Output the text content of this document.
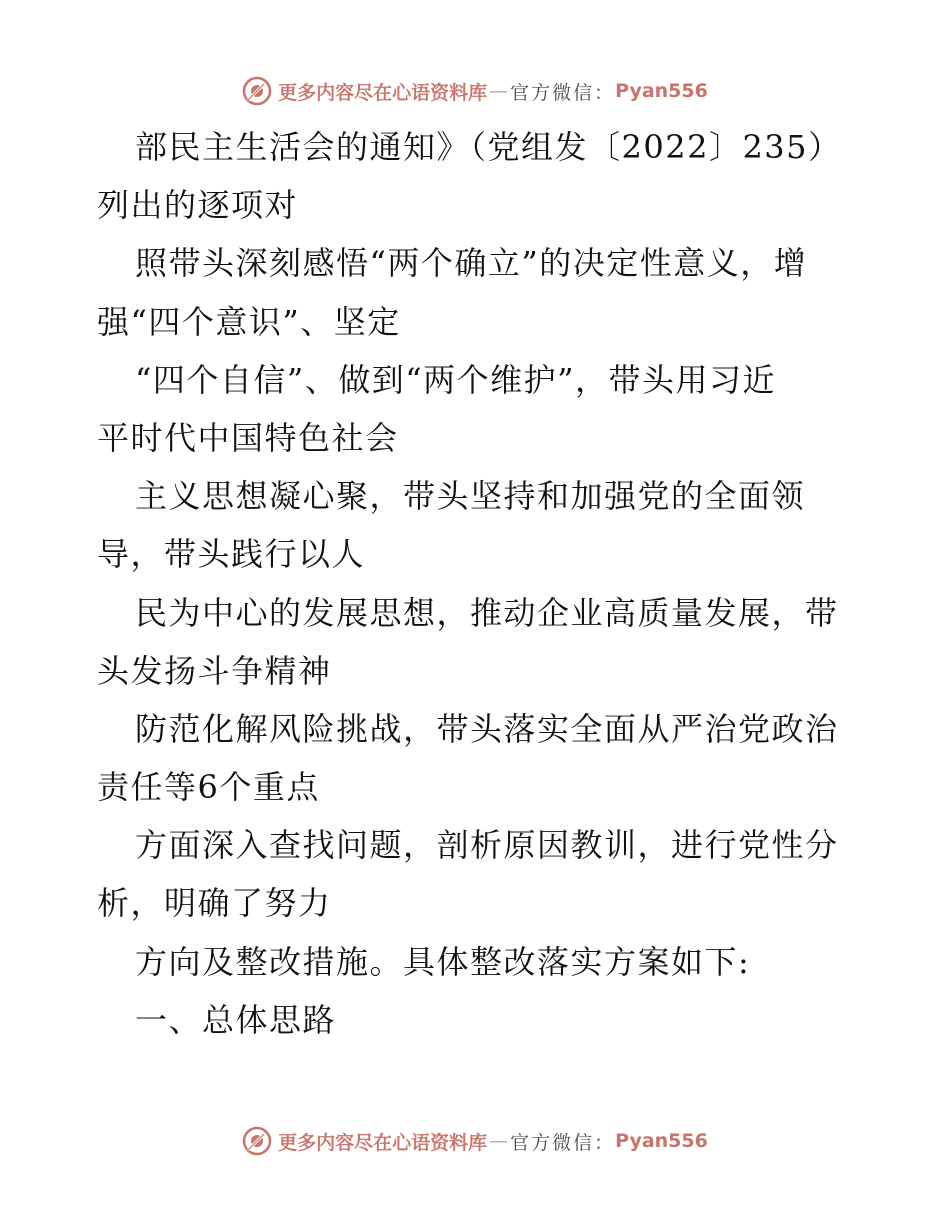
更多内容尽在心语资料库 — 官方微信： Pyan556
部民主生活会的通知》（党组发〔2022〕235）
列出的逐项对
照带头深刻感悟“两个确立”的决定性意义，增
强“四个意识”、坚定
“四个自信”、做到“两个维护”，带头用习近
平时代中国特色社会
主义思想凝心聚，带头坚持和加强党的全面领
导，带头践行以人
民为中心的发展思想，推动企业高质量发展，带
头发扬斗争精神
防范化解风险挑战，带头落实全面从严治党政治
责任等6个重点
方面深入查找问题，剖析原因教训，进行党性分
析，明确了努力
方向及整改措施。具体整改落实方案如下:
一、总体思路
更多内容尽在心语资料库 — 官方微信： Pyan556
